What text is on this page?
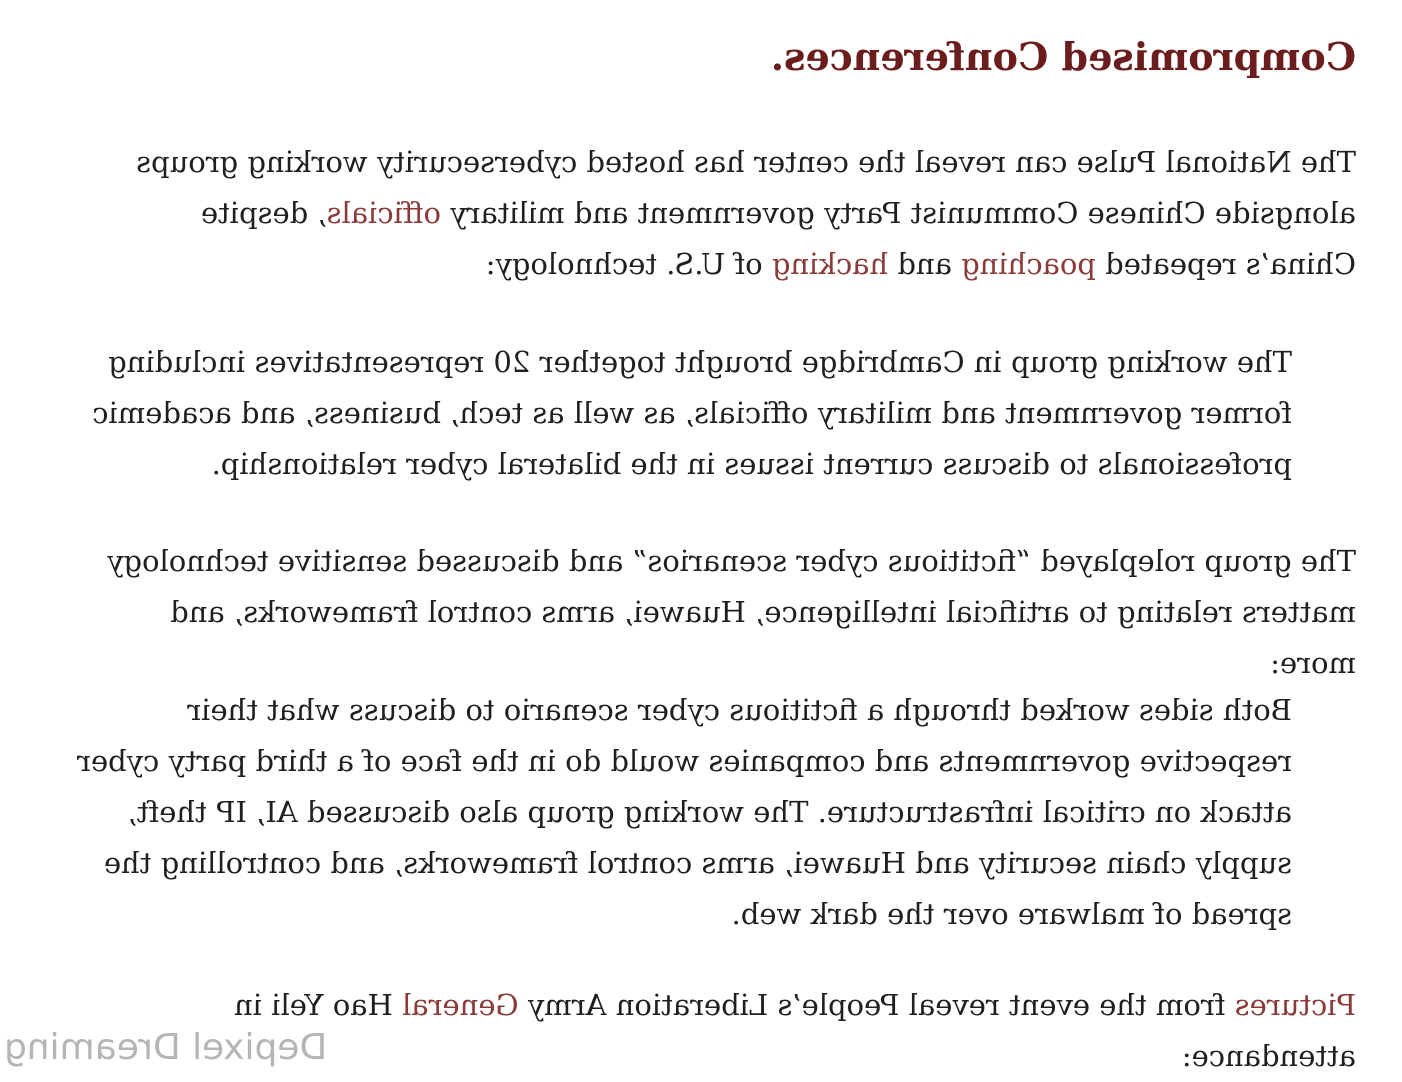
Compromised Conferences.

The National Pulse can reveal the center has hosted cybersecurity working groups alongside Chinese Communist Party government and military officials, despite China’s repeated poaching and hacking of U.S. technology:

The working group in Cambridge brought together 20 representatives including former government and military officials, as well as tech, business, and academic professionals to discuss current issues in the bilateral cyber relationship.

The group roleplayed “fictitious cyber scenarios” and discussed sensitive technology matters relating to artificial intelligence, Huawei, arms control frameworks, and more:

Both sides worked through a fictitious cyber scenario to discuss what their respective governments and companies would do in the face of a third party cyber attack on critical infrastructure. The working group also discussed AI, IP theft, supply chain security and Huawei, arms control frameworks, and controlling the spread of malware over the dark web.

Pictures from the event reveal People’s Liberation Army General Hao Yeli in attendance:

Depixel Dreaming
